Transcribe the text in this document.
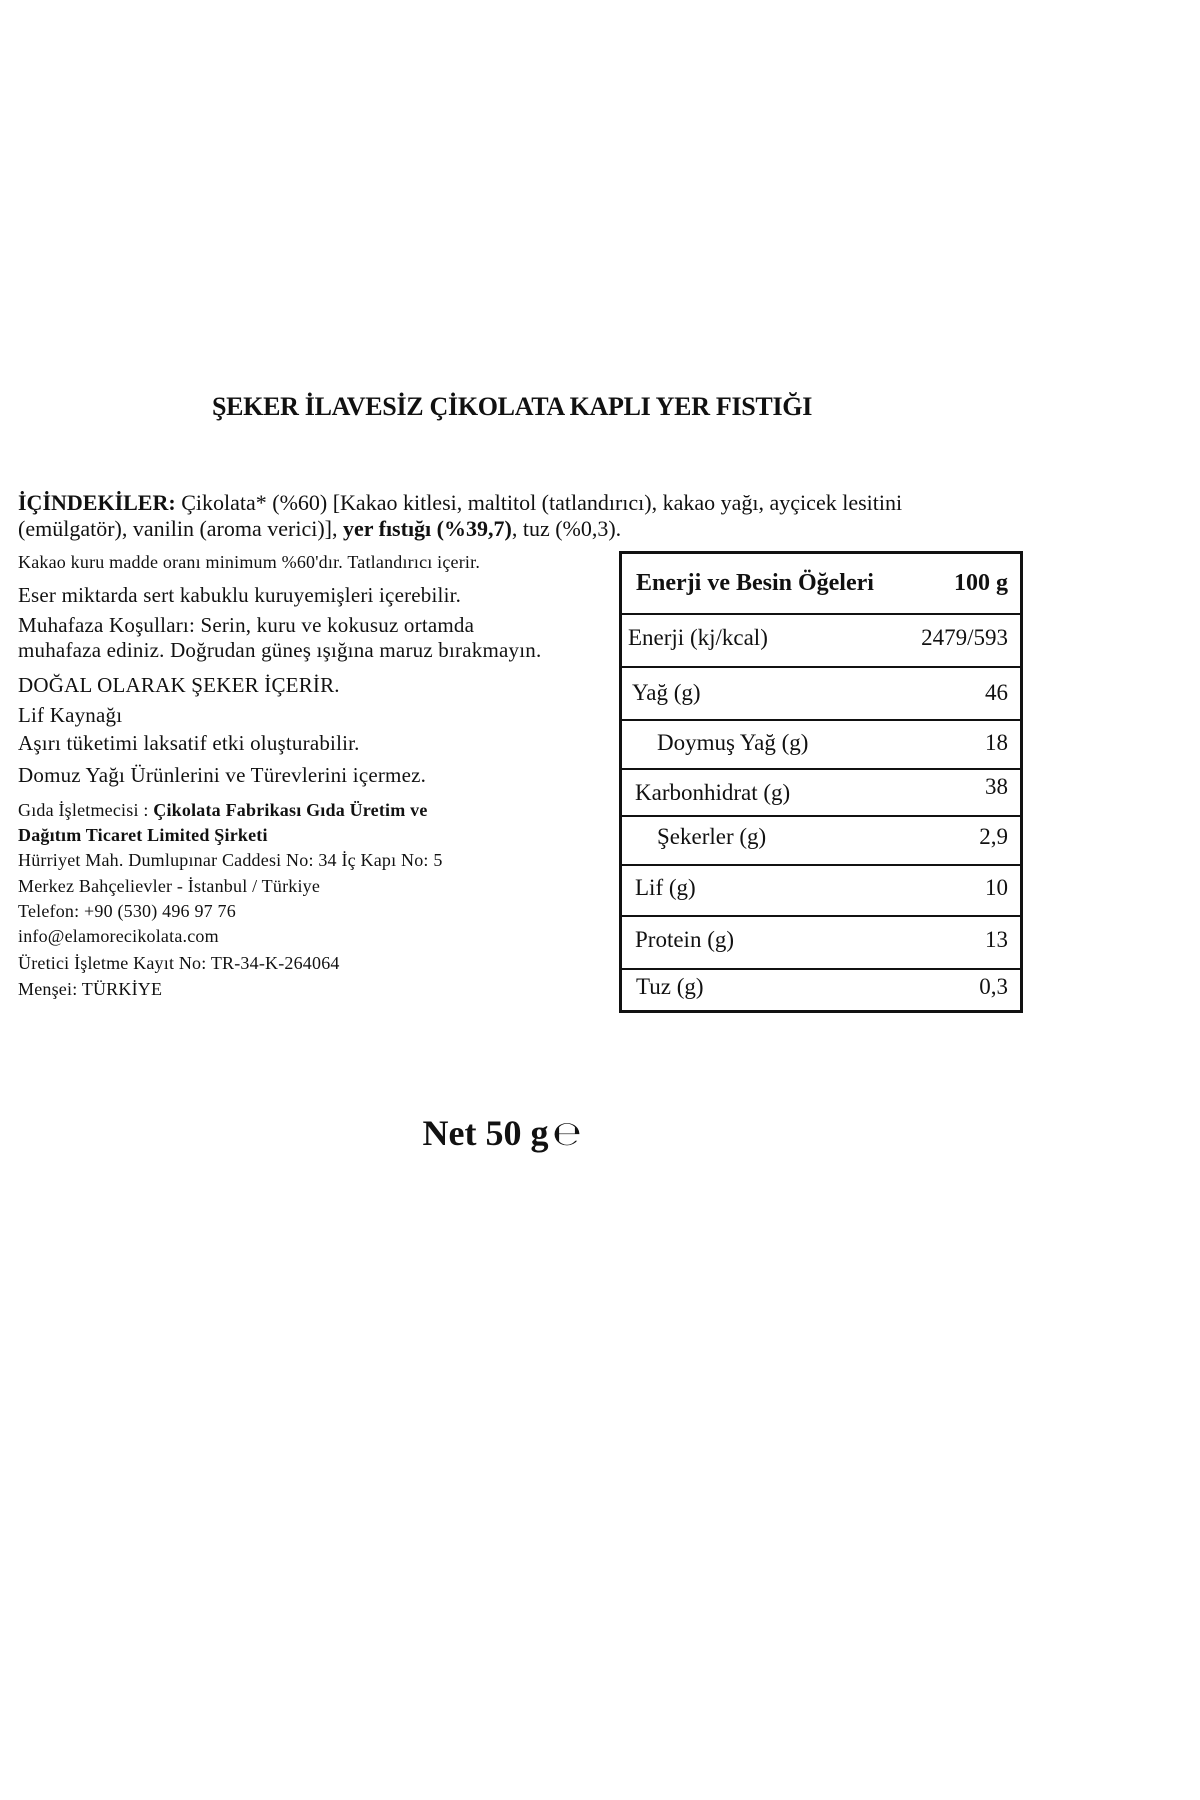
ŞEKER İLAVESİZ ÇİKOLATA KAPLI YER FISTIĞI
İÇİNDEKİLER: Çikolata* (%60) [Kakao kitlesi, maltitol (tatlandırıcı), kakao yağı, ayçicek lesitini (emülgatör), vanilin (aroma verici)], yer fıstığı (%39,7), tuz (%0,3).
Kakao kuru madde oranı minimum %60'dır. Tatlandırıcı içerir.
Eser miktarda sert kabuklu kuruyemişleri içerebilir.
Muhafaza Koşulları: Serin, kuru ve kokusuz ortamda
muhafaza ediniz. Doğrudan güneş ışığına maruz bırakmayın.
DOĞAL OLARAK ŞEKER İÇERİR.
Lif Kaynağı
Aşırı tüketimi laksatif etki oluşturabilir.
Domuz Yağı Ürünlerini ve Türevlerini içermez.
Gıda İşletmecisi : Çikolata Fabrikası Gıda Üretim ve
Dağıtım Ticaret Limited Şirketi
Hürriyet Mah. Dumlupınar Caddesi No: 34 İç Kapı No: 5
Merkez Bahçelievler - İstanbul / Türkiye
Telefon: +90 (530) 496 97 76
info@elamorecikolata.com
Üretici İşletme Kayıt No: TR-34-K-264064
Menşei: TÜRKİYE
Enerji ve Besin Öğeleri	100 g
Enerji (kj/kcal)	2479/593
Yağ (g)	46
Doymuş Yağ (g)	18
Karbonhidrat (g)	38
Şekerler (g)	2,9
Lif (g)	10
Protein (g)	13
Tuz (g)	0,3
Net 50 g ℮
